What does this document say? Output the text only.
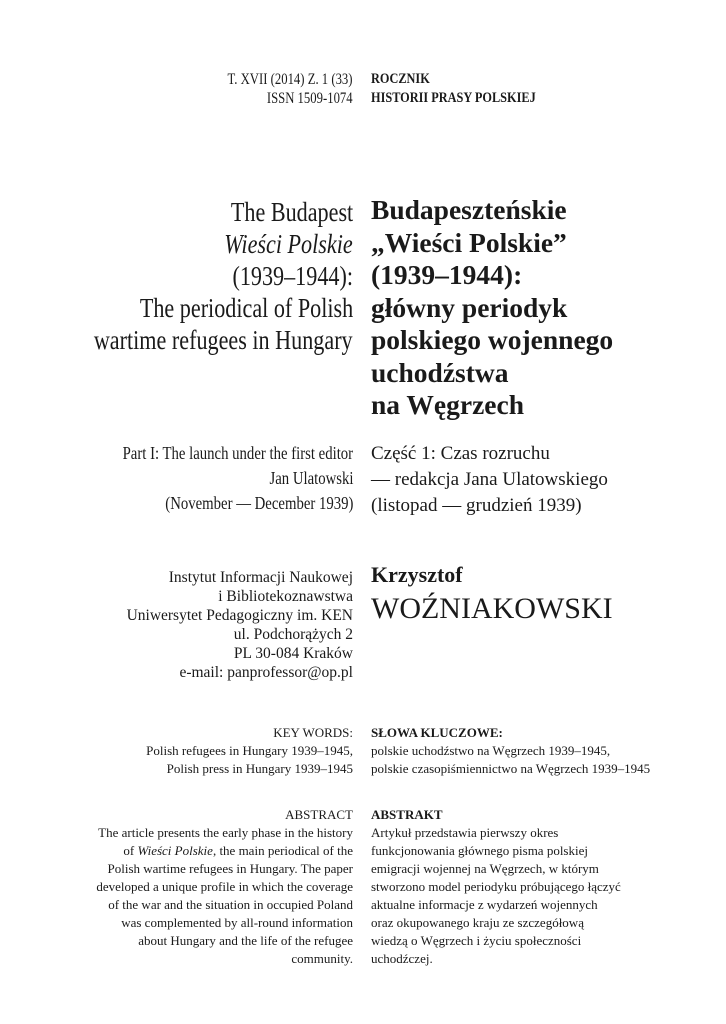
T. XVII (2014) Z. 1 (33)
ISSN 1509-1074
ROCZNIK
HISTORII PRASY POLSKIEJ
The Budapest
Wieści Polskie
(1939–1944):
The periodical of Polish
wartime refugees in Hungary
Budapeszteńskie
„Wieści Polskie”
(1939–1944):
główny periodyk
polskiego wojennego
uchodźstwa
na Węgrzech
Part I: The launch under the first editor
Jan Ulatowski
(November — December 1939)
Część 1: Czas rozruchu
— redakcja Jana Ulatowskiego
(listopad — grudzień 1939)
Instytut Informacji Naukowej
i Bibliotekoznawstwa
Uniwersytet Pedagogiczny im. KEN
ul. Podchorążych 2
PL 30-084 Kraków
e-mail: panprofessor@op.pl
Krzysztof
WOŹNIAKOWSKI
KEY WORDS:
Polish refugees in Hungary 1939–1945,
Polish press in Hungary 1939–1945
SŁOWA KLUCZOWE:
polskie uchodźstwo na Węgrzech 1939–1945,
polskie czasopiśmiennictwo na Węgrzech 1939–1945
ABSTRACT
The article presents the early phase in the history
of Wieści Polskie, the main periodical of the
Polish wartime refugees in Hungary. The paper
developed a unique profile in which the coverage
of the war and the situation in occupied Poland
was complemented by all-round information
about Hungary and the life of the refugee
community.
ABSTRAKT
Artykuł przedstawia pierwszy okres
funkcjonowania głównego pisma polskiej
emigracji wojennej na Węgrzech, w którym
stworzono model periodyku próbującego łączyć
aktualne informacje z wydarzeń wojennych
oraz okupowanego kraju ze szczegółową
wiedzą o Węgrzech i życiu społeczności
uchodźczej.
